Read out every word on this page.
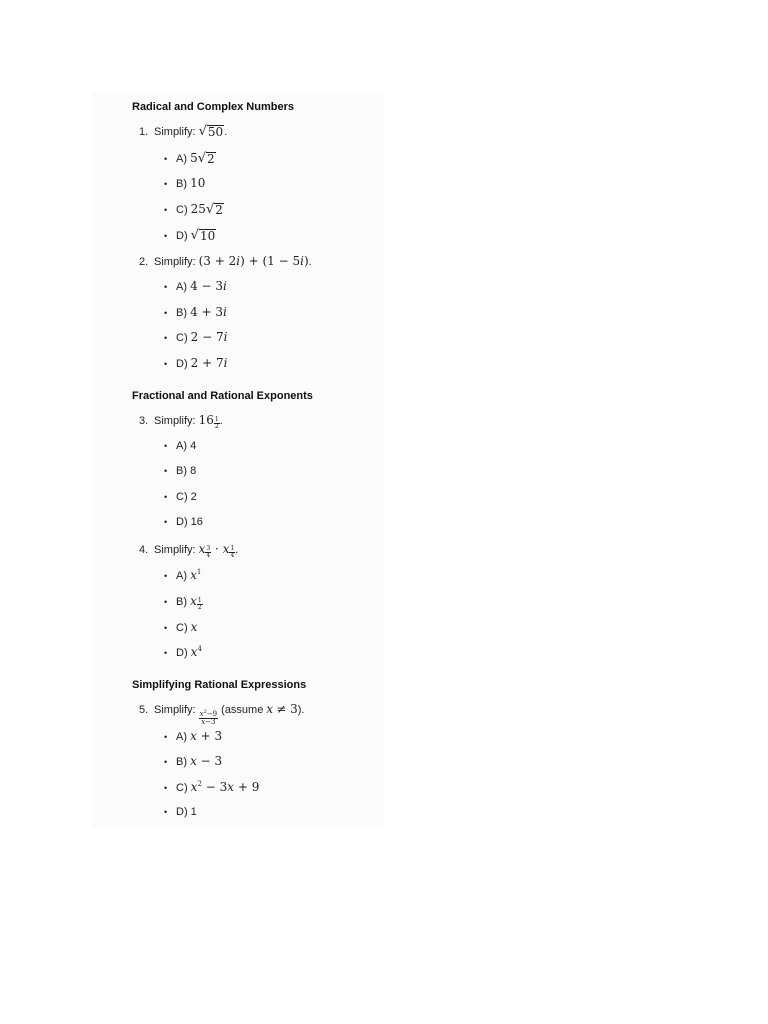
Radical and Complex Numbers
1. Simplify: √ 50 .
• A) 5 √ 2
• B) 10
• C) 25 √ 2
• D) √ 10
2. Simplify: (3 + 2i) + (1 − 5i).
• A) 4 − 3i
• B) 4 + 3i
• C) 2 − 7i
• D) 2 + 7i
Fractional and Rational Exponents
3. Simplify: $16 \frac{1}{2}$ .
• A) 4
• B) 8
• C) 2
• D) 16
4. Simplify: x $\frac{3}{4} \cdot x \frac{1}{4}$ .
• A) $x^1$
• B) x $\frac{1}{2}$
• C) x
• D) $x^4$
Simplifying Rational Expressions
5. Simplify:
$\frac{x^2-9}{x-3}$
(assume x ≠ 3).
• A) x + 3
• B) x − 3
• C) $x^2 - 3x + 9$
• D) 1
